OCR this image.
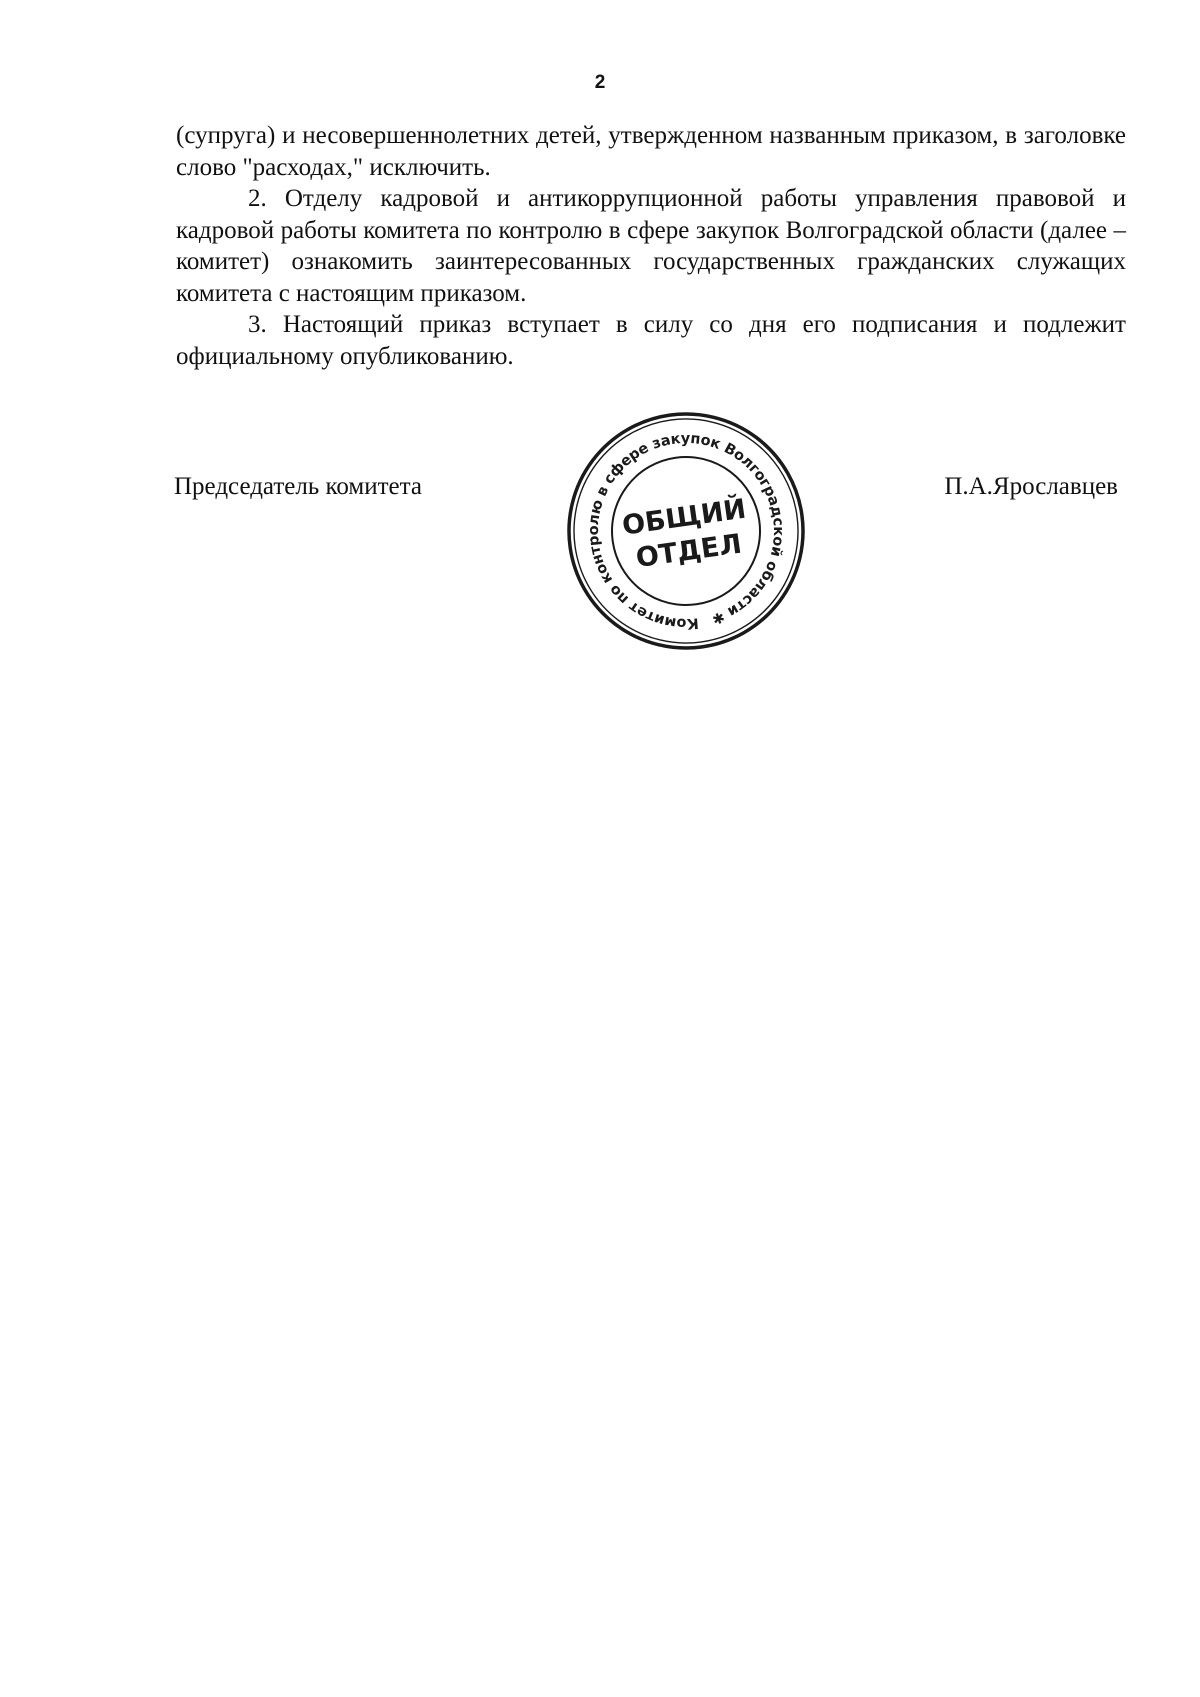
2

(супруга) и несовершеннолетних детей, утвержденном названным приказом, в заголовке слово "расходах," исключить.

2. Отделу кадровой и антикоррупционной работы управления правовой и кадровой работы комитета по контролю в сфере закупок Волгоградской области (далее – комитет) ознакомить заинтересованных государственных гражданских служащих комитета с настоящим приказом.

3. Настоящий приказ вступает в силу со дня его подписания и подлежит официальному опубликованию.

Председатель комитета
Комитет по контролю в сфере закупок Волгоградской области ✱
ОБЩИЙ
ОТДЕЛ
П.А.Ярославцев
